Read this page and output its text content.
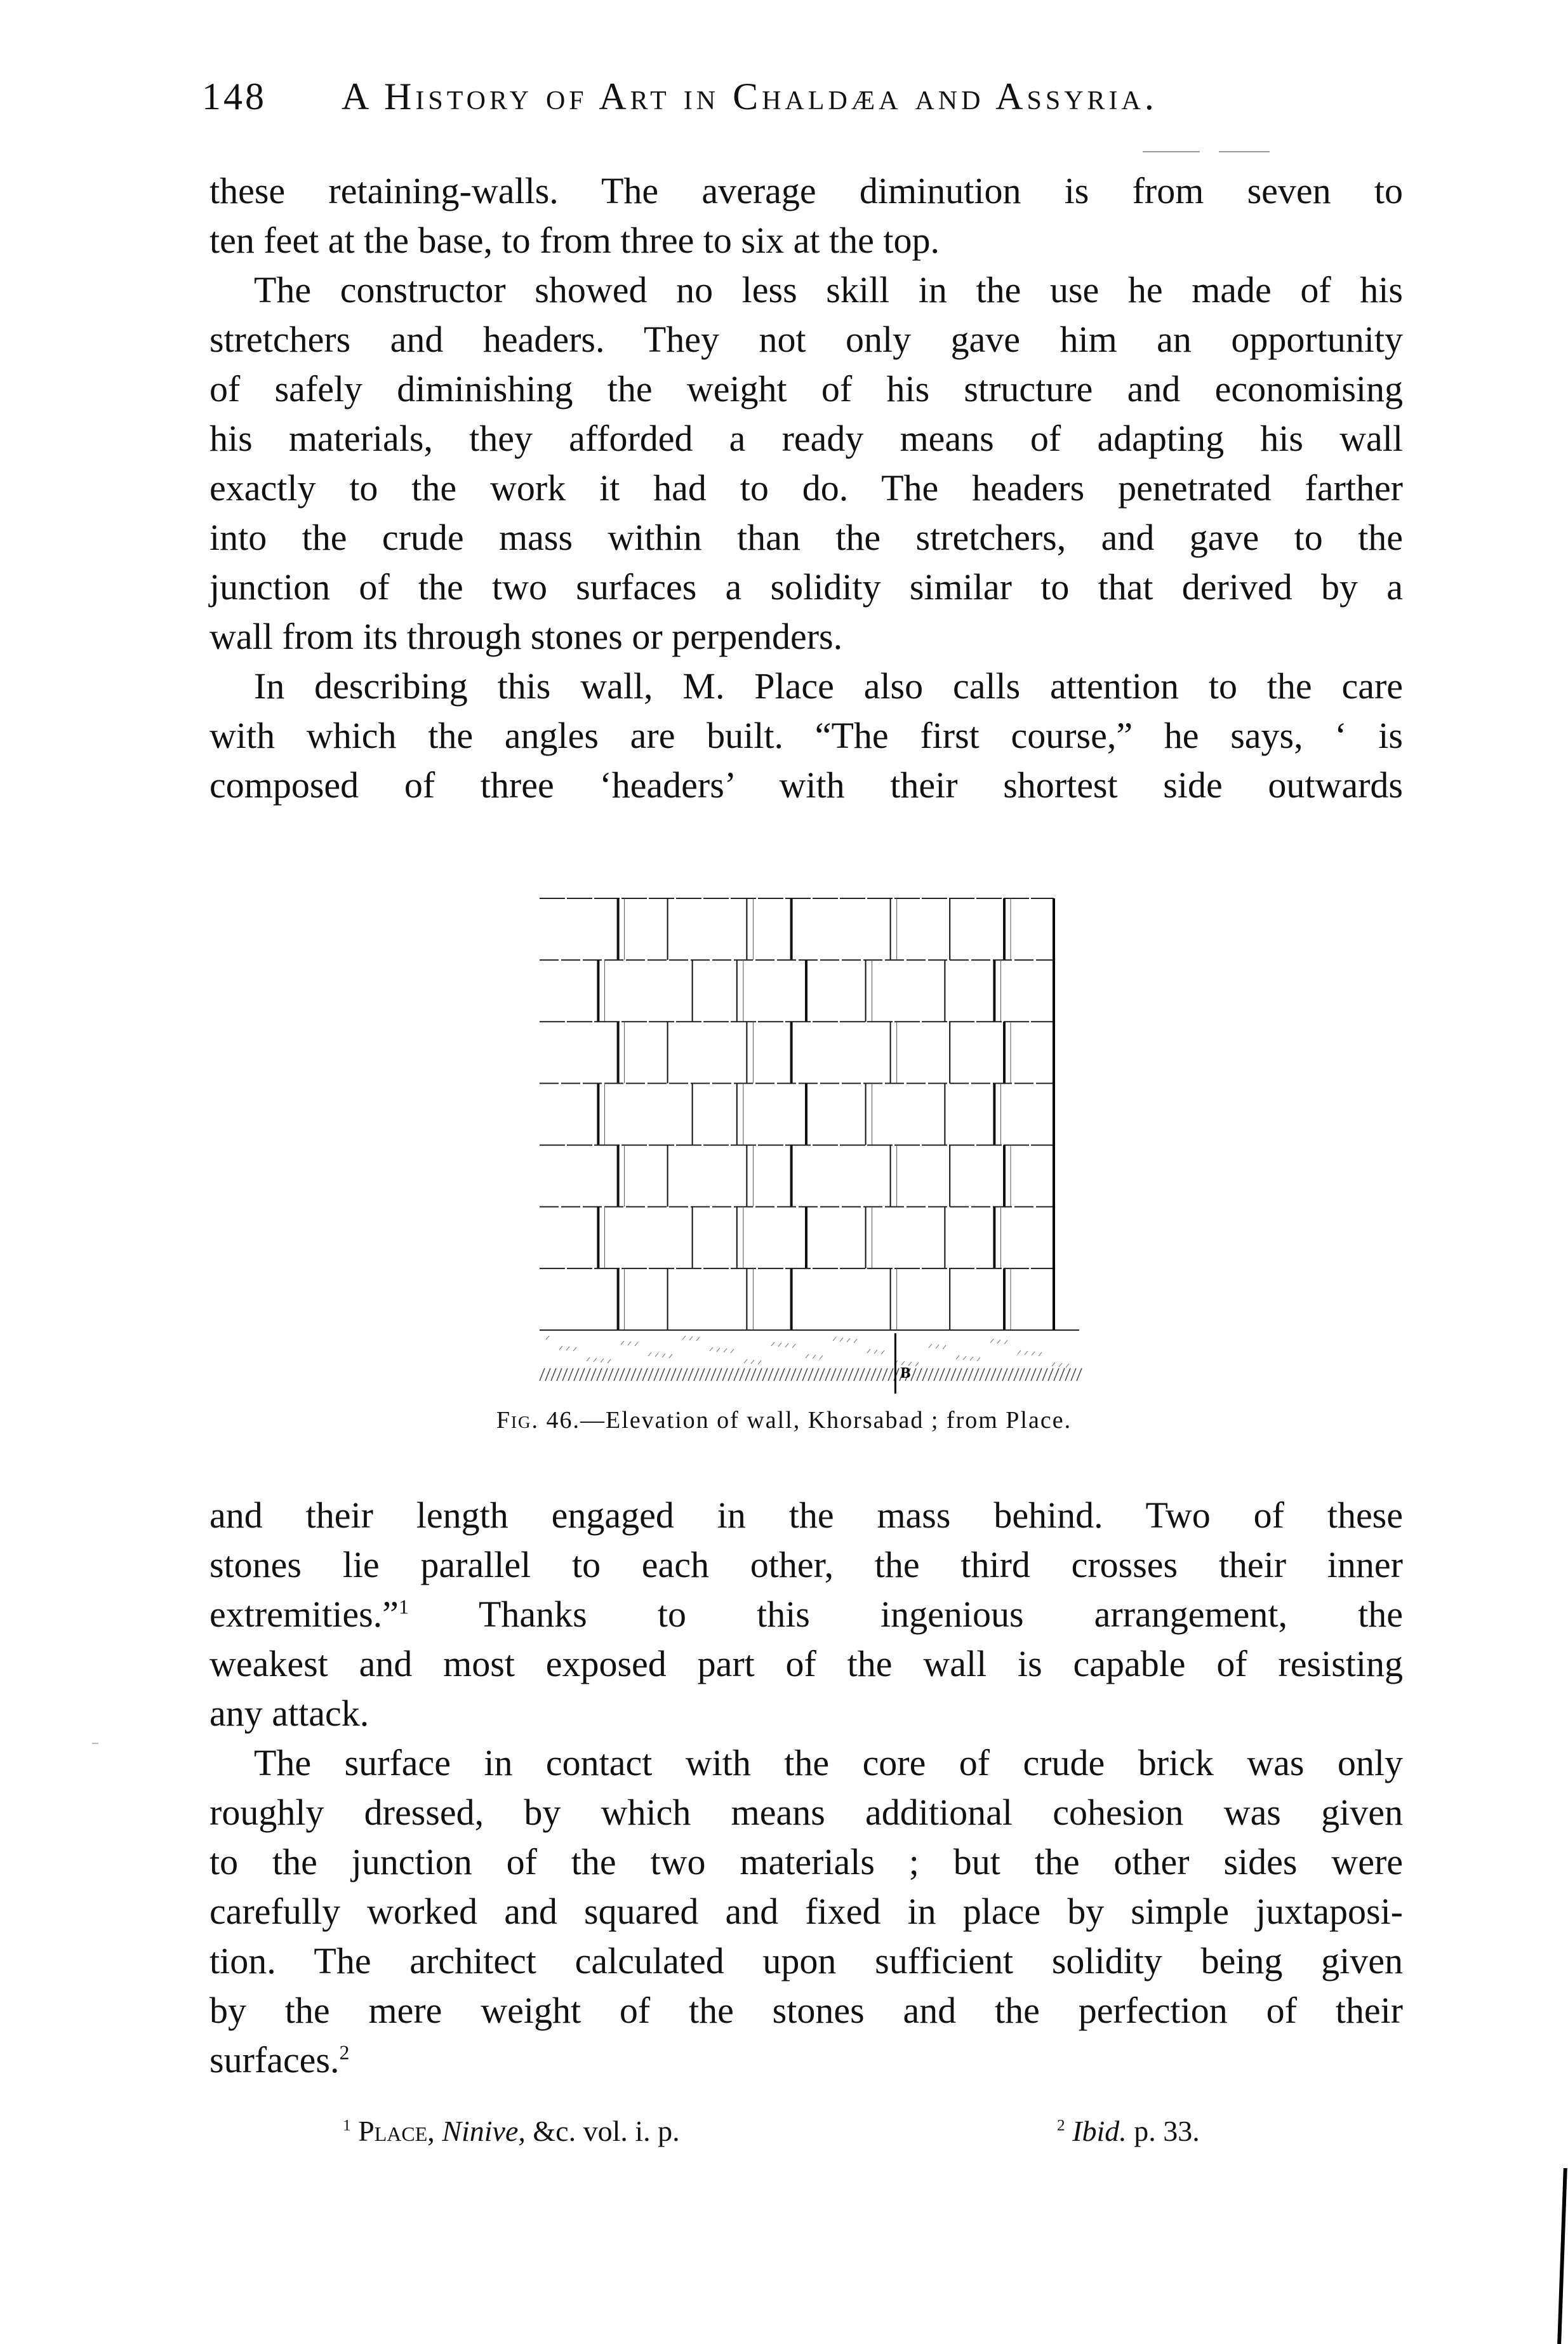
148 A History of Art in Chaldæa and Assyria.
these retaining-walls. The average diminution is from seven to
ten feet at the base, to from three to six at the top.
The constructor showed no less skill in the use he made of his
stretchers and headers. They not only gave him an opportunity
of safely diminishing the weight of his structure and economising
his materials, they afforded a ready means of adapting his wall
exactly to the work it had to do. The headers penetrated farther
into the crude mass within than the stretchers, and gave to the
junction of the two surfaces a solidity similar to that derived by a
wall from its through stones or perpenders.
In describing this wall, M. Place also calls attention to the care
with which the angles are built. “The first course,” he says, ‘ is
composed of three ‘headers’ with their shortest side outwards
B
Fig. 46.—Elevation of wall, Khorsabad ; from Place.
and their length engaged in the mass behind. Two of these
stones lie parallel to each other, the third crosses their inner
extremities.”$^1$ Thanks to this ingenious arrangement, the
weakest and most exposed part of the wall is capable of resisting
any attack.
The surface in contact with the core of crude brick was only
roughly dressed, by which means additional cohesion was given
to the junction of the two materials ; but the other sides were
carefully worked and squared and fixed in place by simple juxtaposi-
tion. The architect calculated upon sufficient solidity being given
by the mere weight of the stones and the perfection of their
surfaces.$^2$
$^1$ Place, Ninive, &c. vol. i. p.	$^2$ Ibid. p. 33.
